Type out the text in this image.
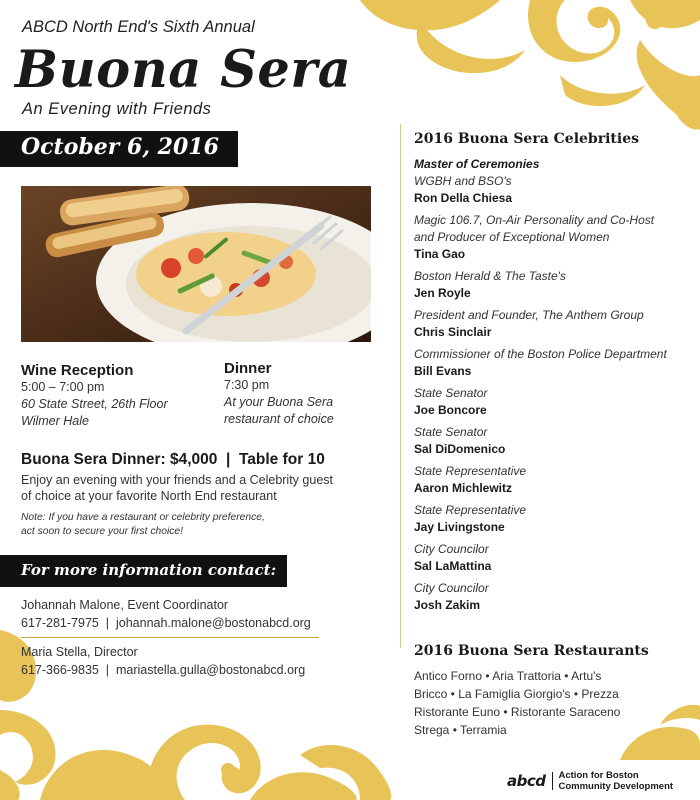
ABCD North End's Sixth Annual
Buona Sera
An Evening with Friends
October 6, 2016
Wine Reception
5:00 – 7:00 pm
60 State Street, 26th Floor
Wilmer Hale
Dinner
7:30 pm
At your Buona Sera
restaurant of choice
Buona Sera Dinner: $4,000  |  Table for 10
Enjoy an evening with your friends and a Celebrity guest
of choice at your favorite North End restaurant
Note: If you have a restaurant or celebrity preference,
act soon to secure your first choice!
For more information contact:
Johannah Malone, Event Coordinator
617-281-7975  |  johannah.malone@bostonabcd.org
Maria Stella, Director
617-366-9835  |  mariastella.gulla@bostonabcd.org
2016 Buona Sera Celebrities
Master of Ceremonies
WGBH and BSO's
Ron Della Chiesa
Magic 106.7, On-Air Personality and Co-Host
and Producer of Exceptional Women
Tina Gao
Boston Herald & The Taste's
Jen Royle
President and Founder, The Anthem Group
Chris Sinclair
Commissioner of the Boston Police Department
Bill Evans
State Senator
Joe Boncore
State Senator
Sal DiDomenico
State Representative
Aaron Michlewitz
State Representative
Jay Livingstone
City Councilor
Sal LaMattina
City Councilor
Josh Zakim
2016 Buona Sera Restaurants
Antico Forno • Aria Trattoria • Artu's
Bricco • La Famiglia Giorgio's • Prezza
Ristorante Euno • Ristorante Saraceno
Strega • Terramia
abcd	Action for Boston
Community Development
